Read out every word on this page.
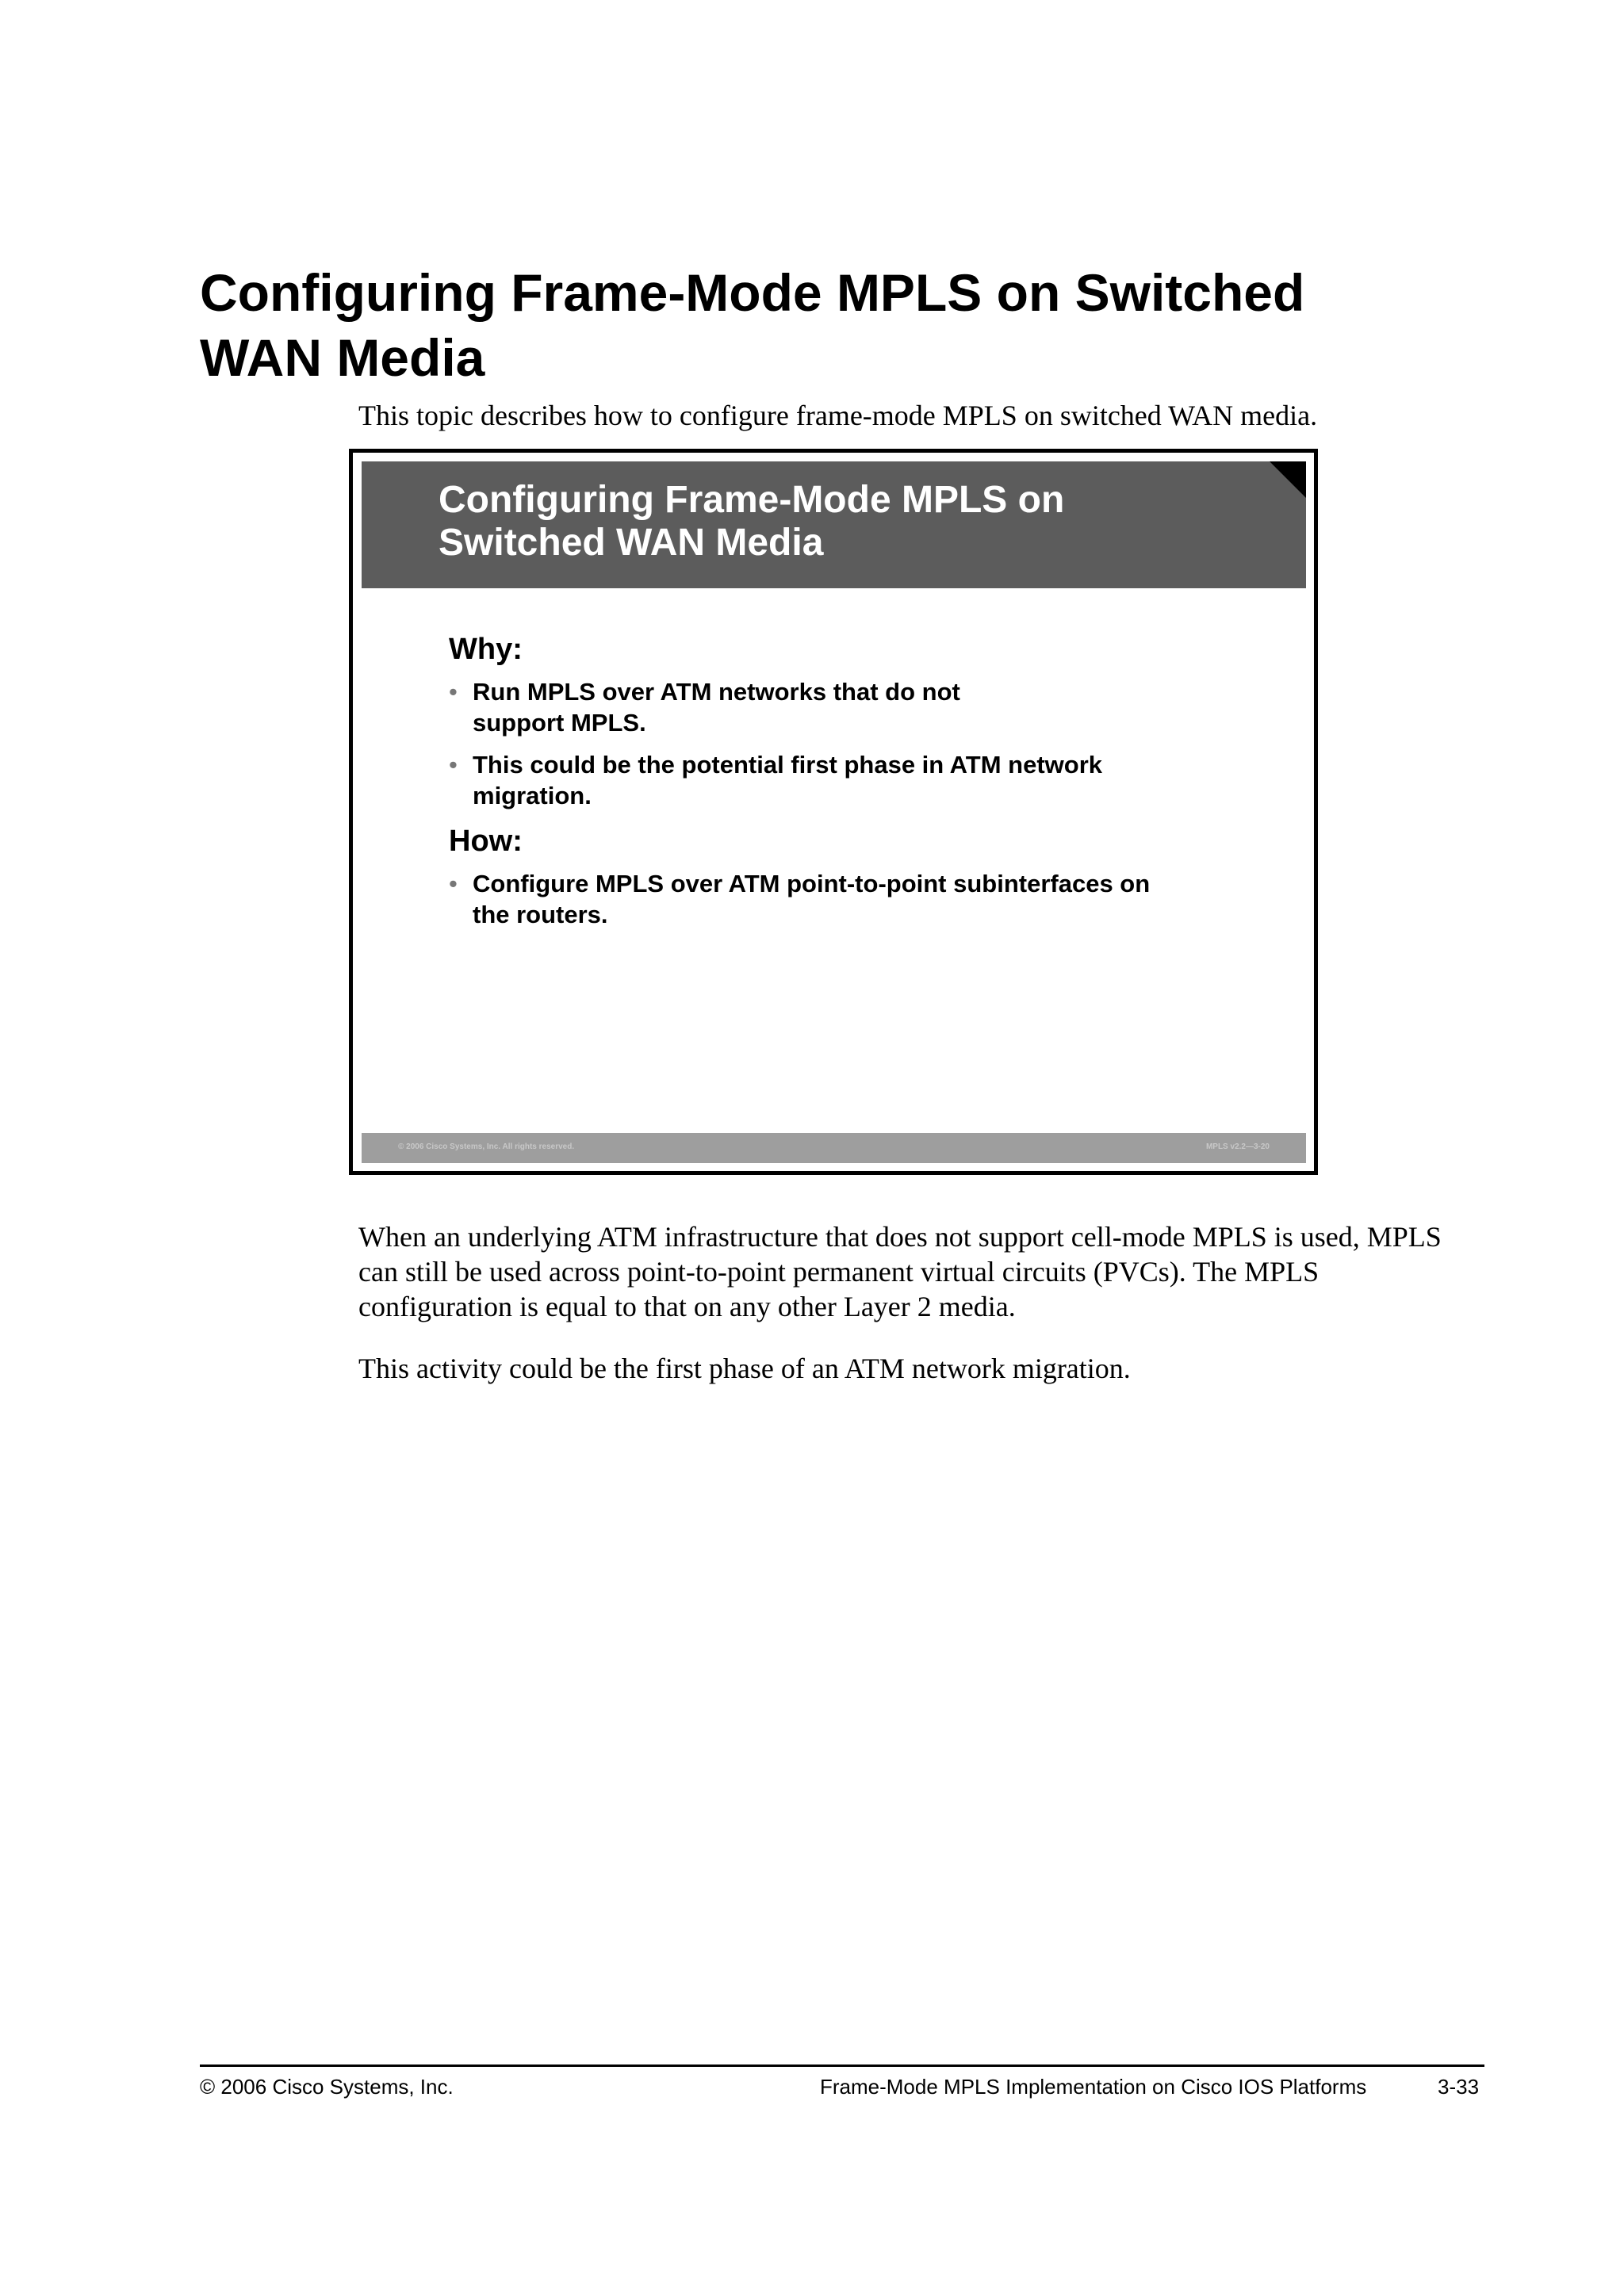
Configuring Frame-Mode MPLS on Switched
WAN Media

This topic describes how to configure frame-mode MPLS on switched WAN media.

Configuring Frame-Mode MPLS on
Switched WAN Media
Why:
• Run MPLS over ATM networks that do not
support MPLS.
• This could be the potential first phase in ATM network
migration.
How:
• Configure MPLS over ATM point-to-point subinterfaces on
the routers.
© 2006 Cisco Systems, Inc. All rights reserved.	MPLS v2.2—3-20

When an underlying ATM infrastructure that does not support cell-mode MPLS is used, MPLS
can still be used across point-to-point permanent virtual circuits (PVCs). The MPLS
configuration is equal to that on any other Layer 2 media.

This activity could be the first phase of an ATM network migration.

© 2006 Cisco Systems, Inc.	Frame-Mode MPLS Implementation on Cisco IOS Platforms	3-33
